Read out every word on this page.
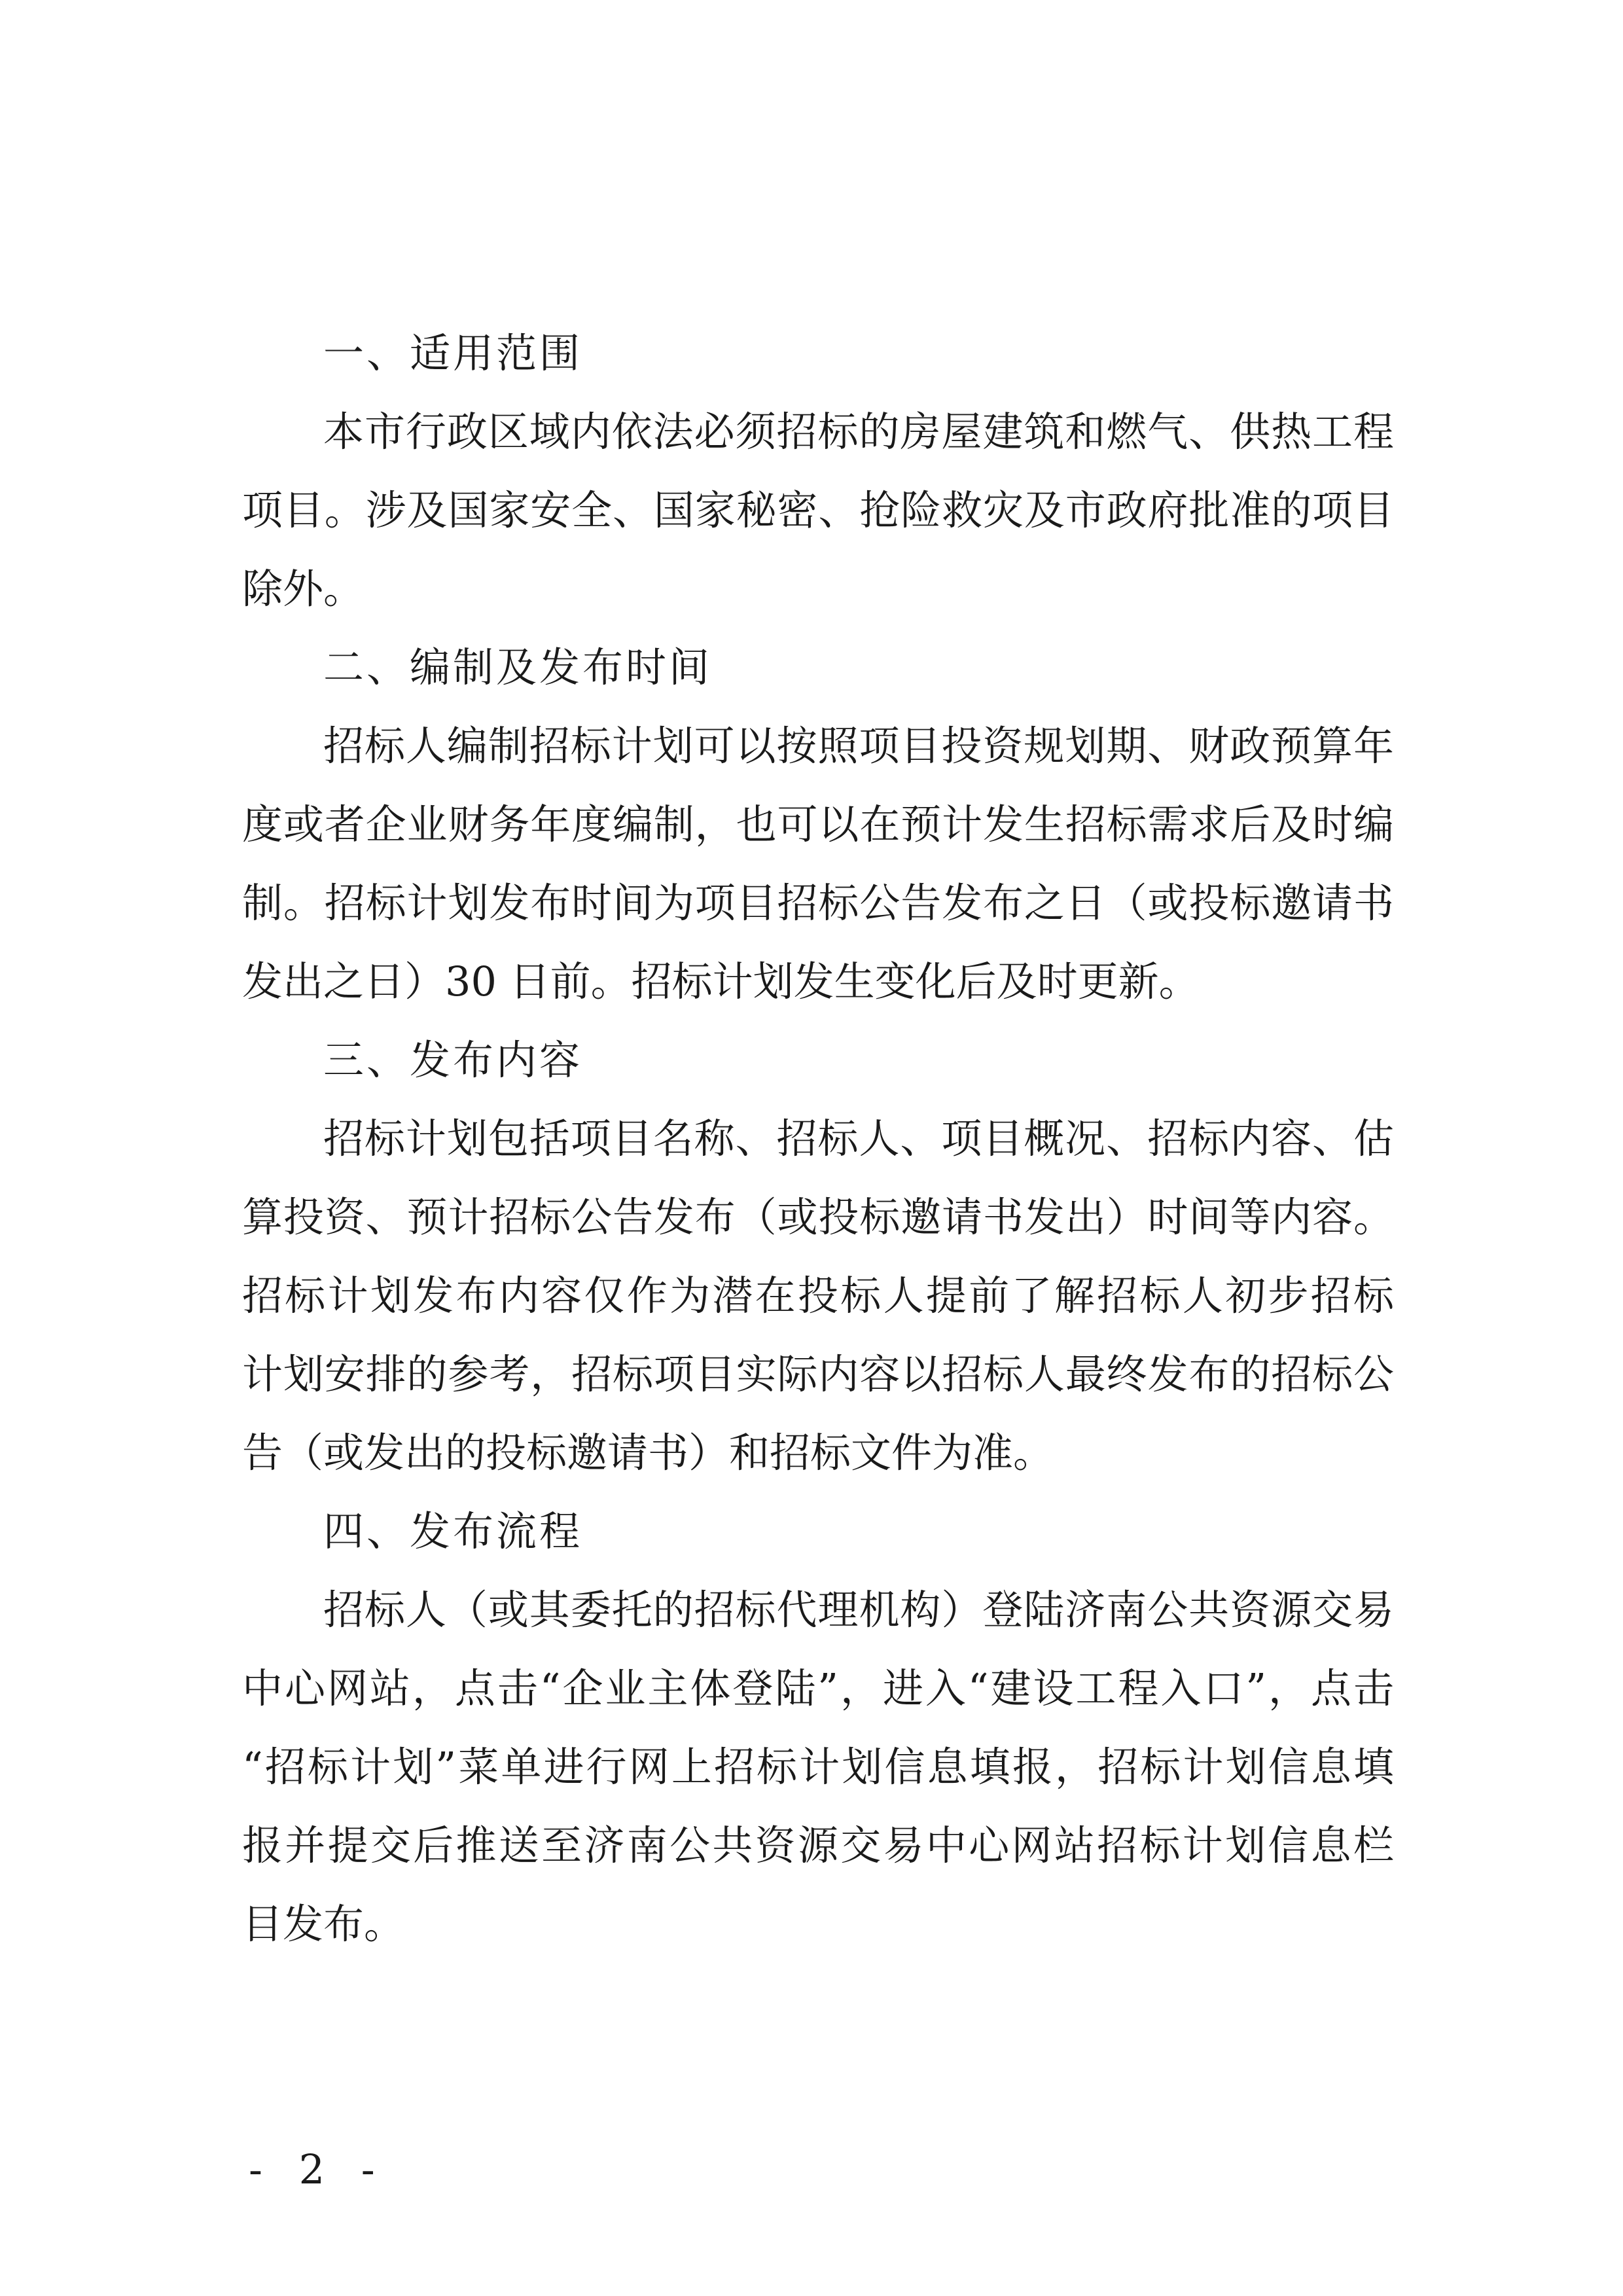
一、适用范围
本市行政区域内依法必须招标的房屋建筑和燃气、供热工程
项目。涉及国家安全、国家秘密、抢险救灾及市政府批准的项目
除外。
二、编制及发布时间
招标人编制招标计划可以按照项目投资规划期、财政预算年
度或者企业财务年度编制，也可以在预计发生招标需求后及时编
制。招标计划发布时间为项目招标公告发布之日（或投标邀请书
发出之日）30 日前。招标计划发生变化后及时更新。
三、发布内容
招标计划包括项目名称、招标人、项目概况、招标内容、估
算投资、预计招标公告发布（或投标邀请书发出）时间等内容。
招标计划发布内容仅作为潜在投标人提前了解招标人初步招标
计划安排的参考，招标项目实际内容以招标人最终发布的招标公
告（或发出的投标邀请书）和招标文件为准。
四、发布流程
招标人（或其委托的招标代理机构）登陆济南公共资源交易
中心网站，点击“企业主体登陆”，进入“建设工程入口”，点击
“招标计划”菜单进行网上招标计划信息填报，招标计划信息填
报并提交后推送至济南公共资源交易中心网站招标计划信息栏
目发布。
- 2 -
